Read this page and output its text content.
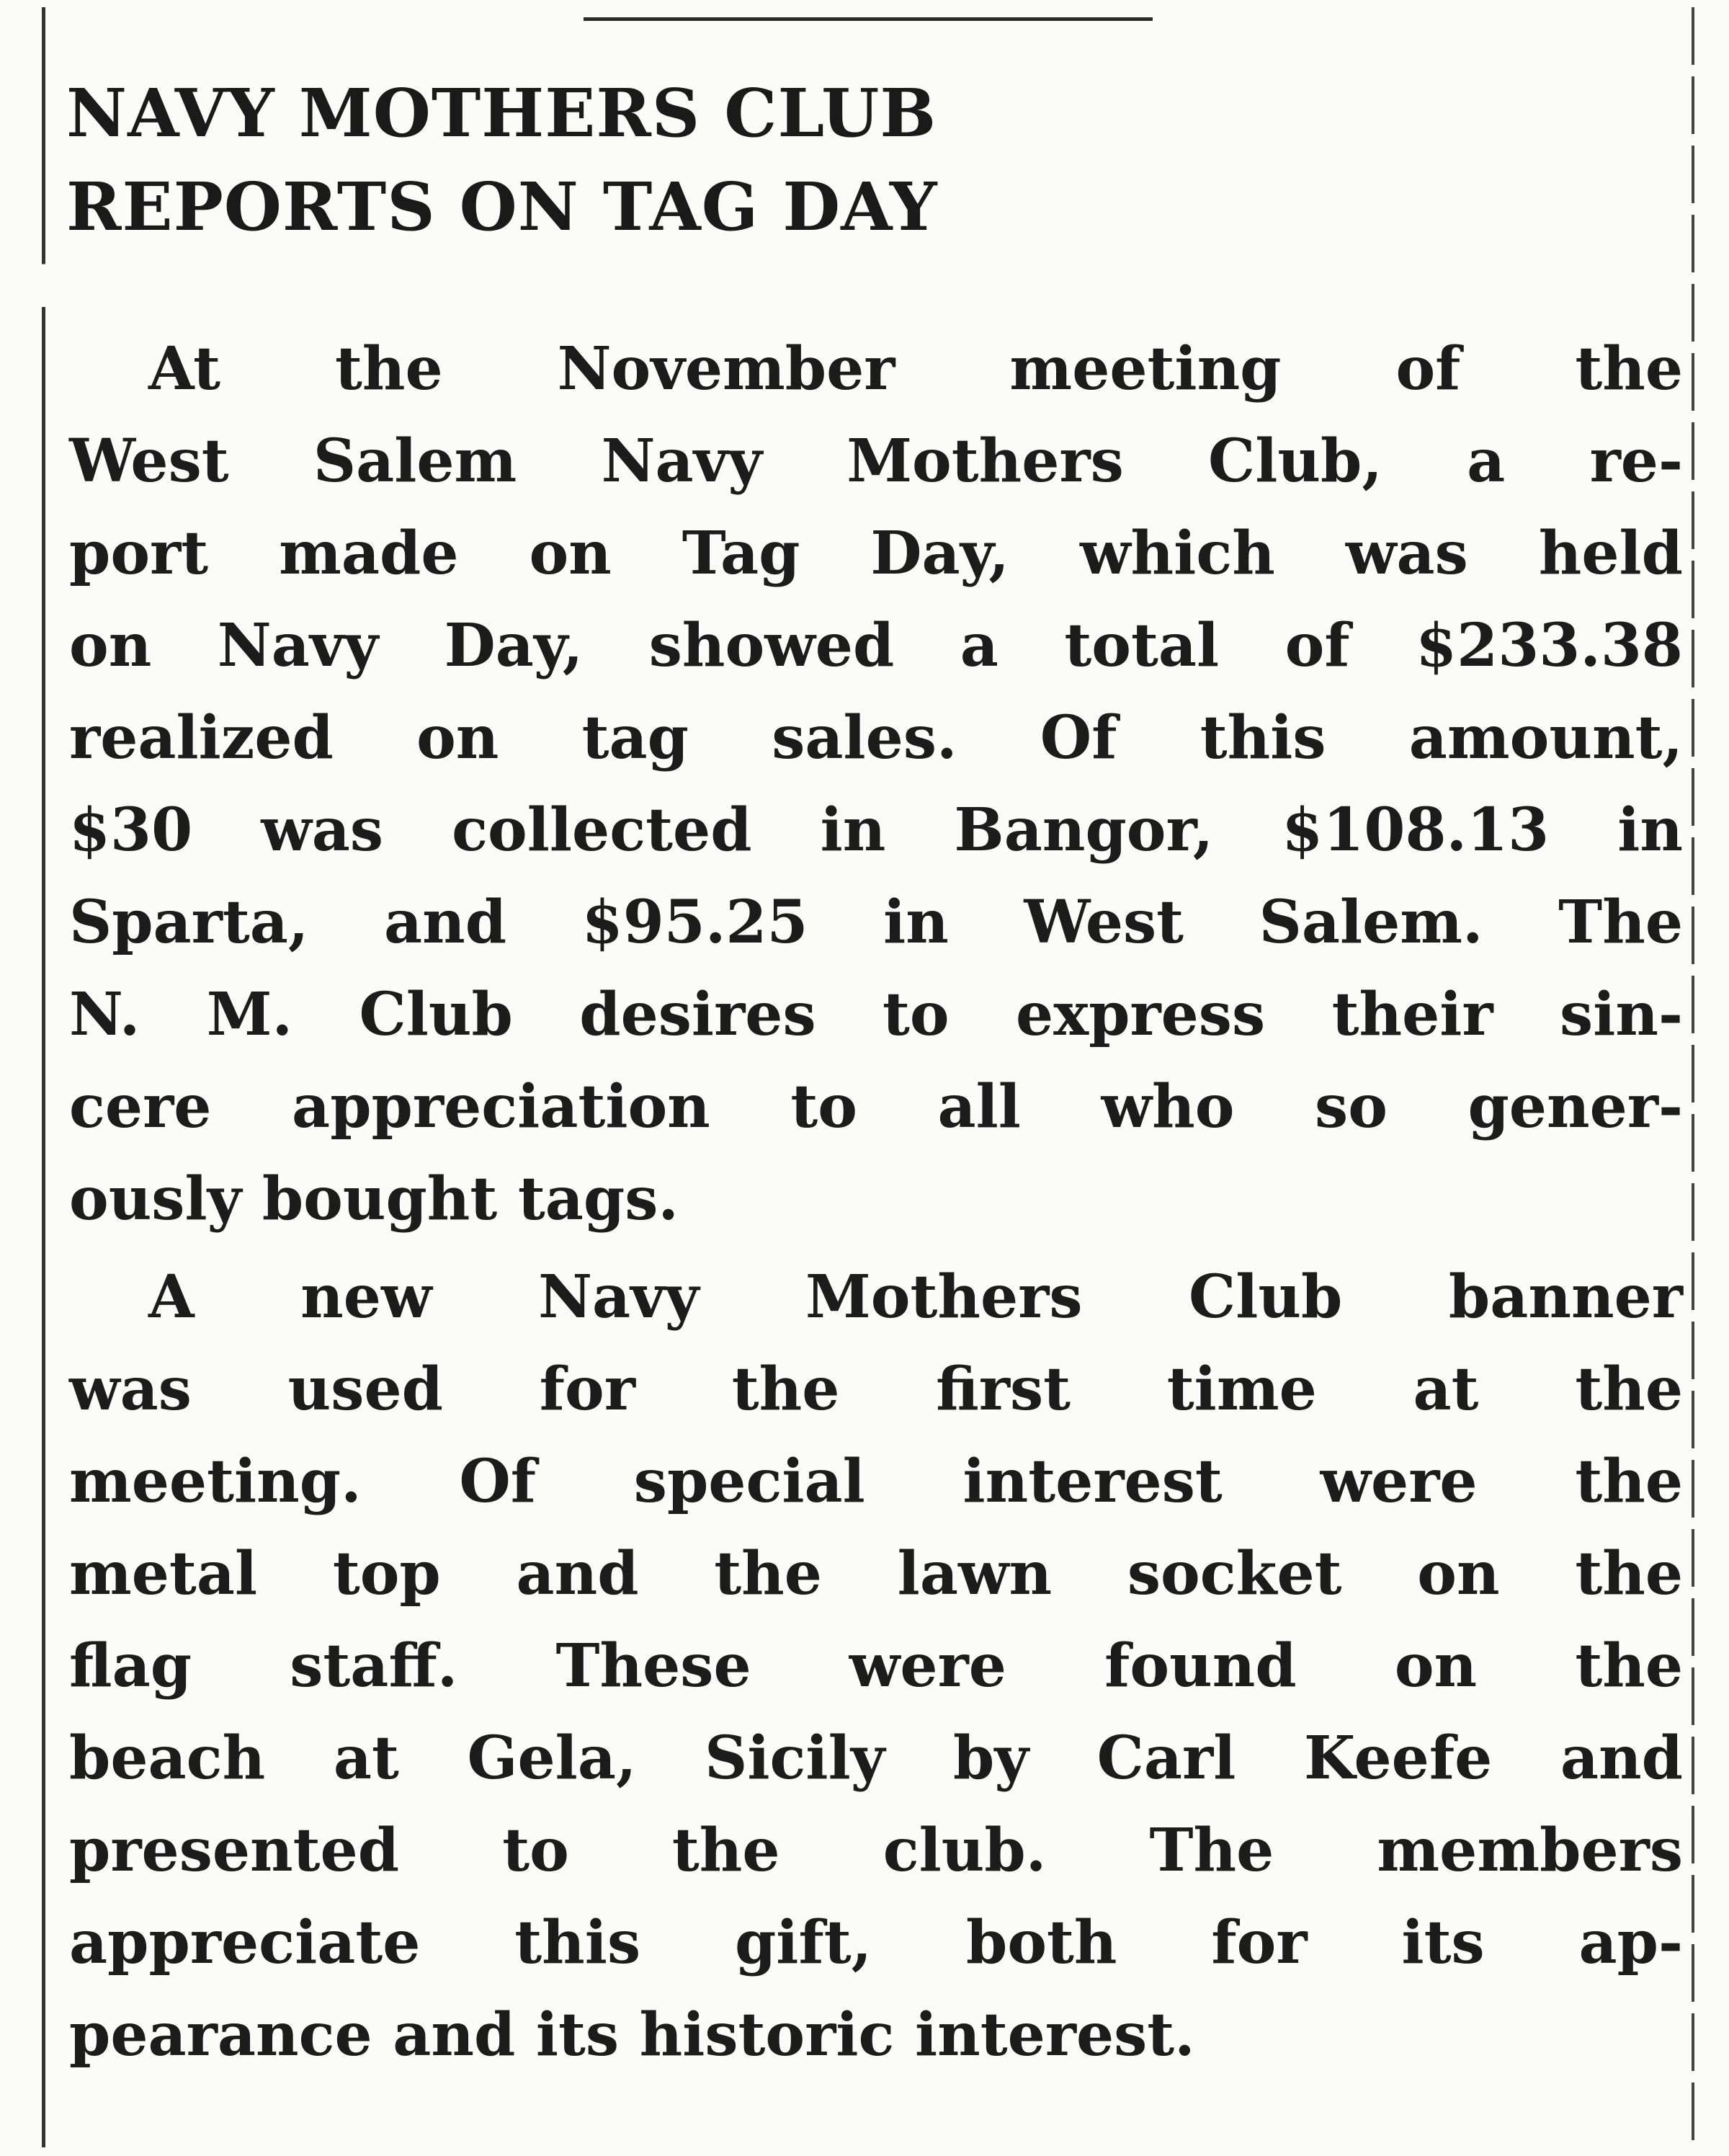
NAVY MOTHERS CLUB
REPORTS ON TAG DAY
At the November meeting of the
West Salem Navy Mothers Club, a re-
port made on Tag Day, which was held
on Navy Day, showed a total of $233.38
realized on tag sales. Of this amount,
$30 was collected in Bangor, $108.13 in
Sparta, and $95.25 in West Salem. The
N. M. Club desires to express their sin-
cere appreciation to all who so gener-
ously bought tags.
A new Navy Mothers Club banner
was used for the first time at the
meeting. Of special interest were the
metal top and the lawn socket on the
flag staff. These were found on the
beach at Gela, Sicily by Carl Keefe and
presented to the club. The members
appreciate this gift, both for its ap-
pearance and its historic interest.
